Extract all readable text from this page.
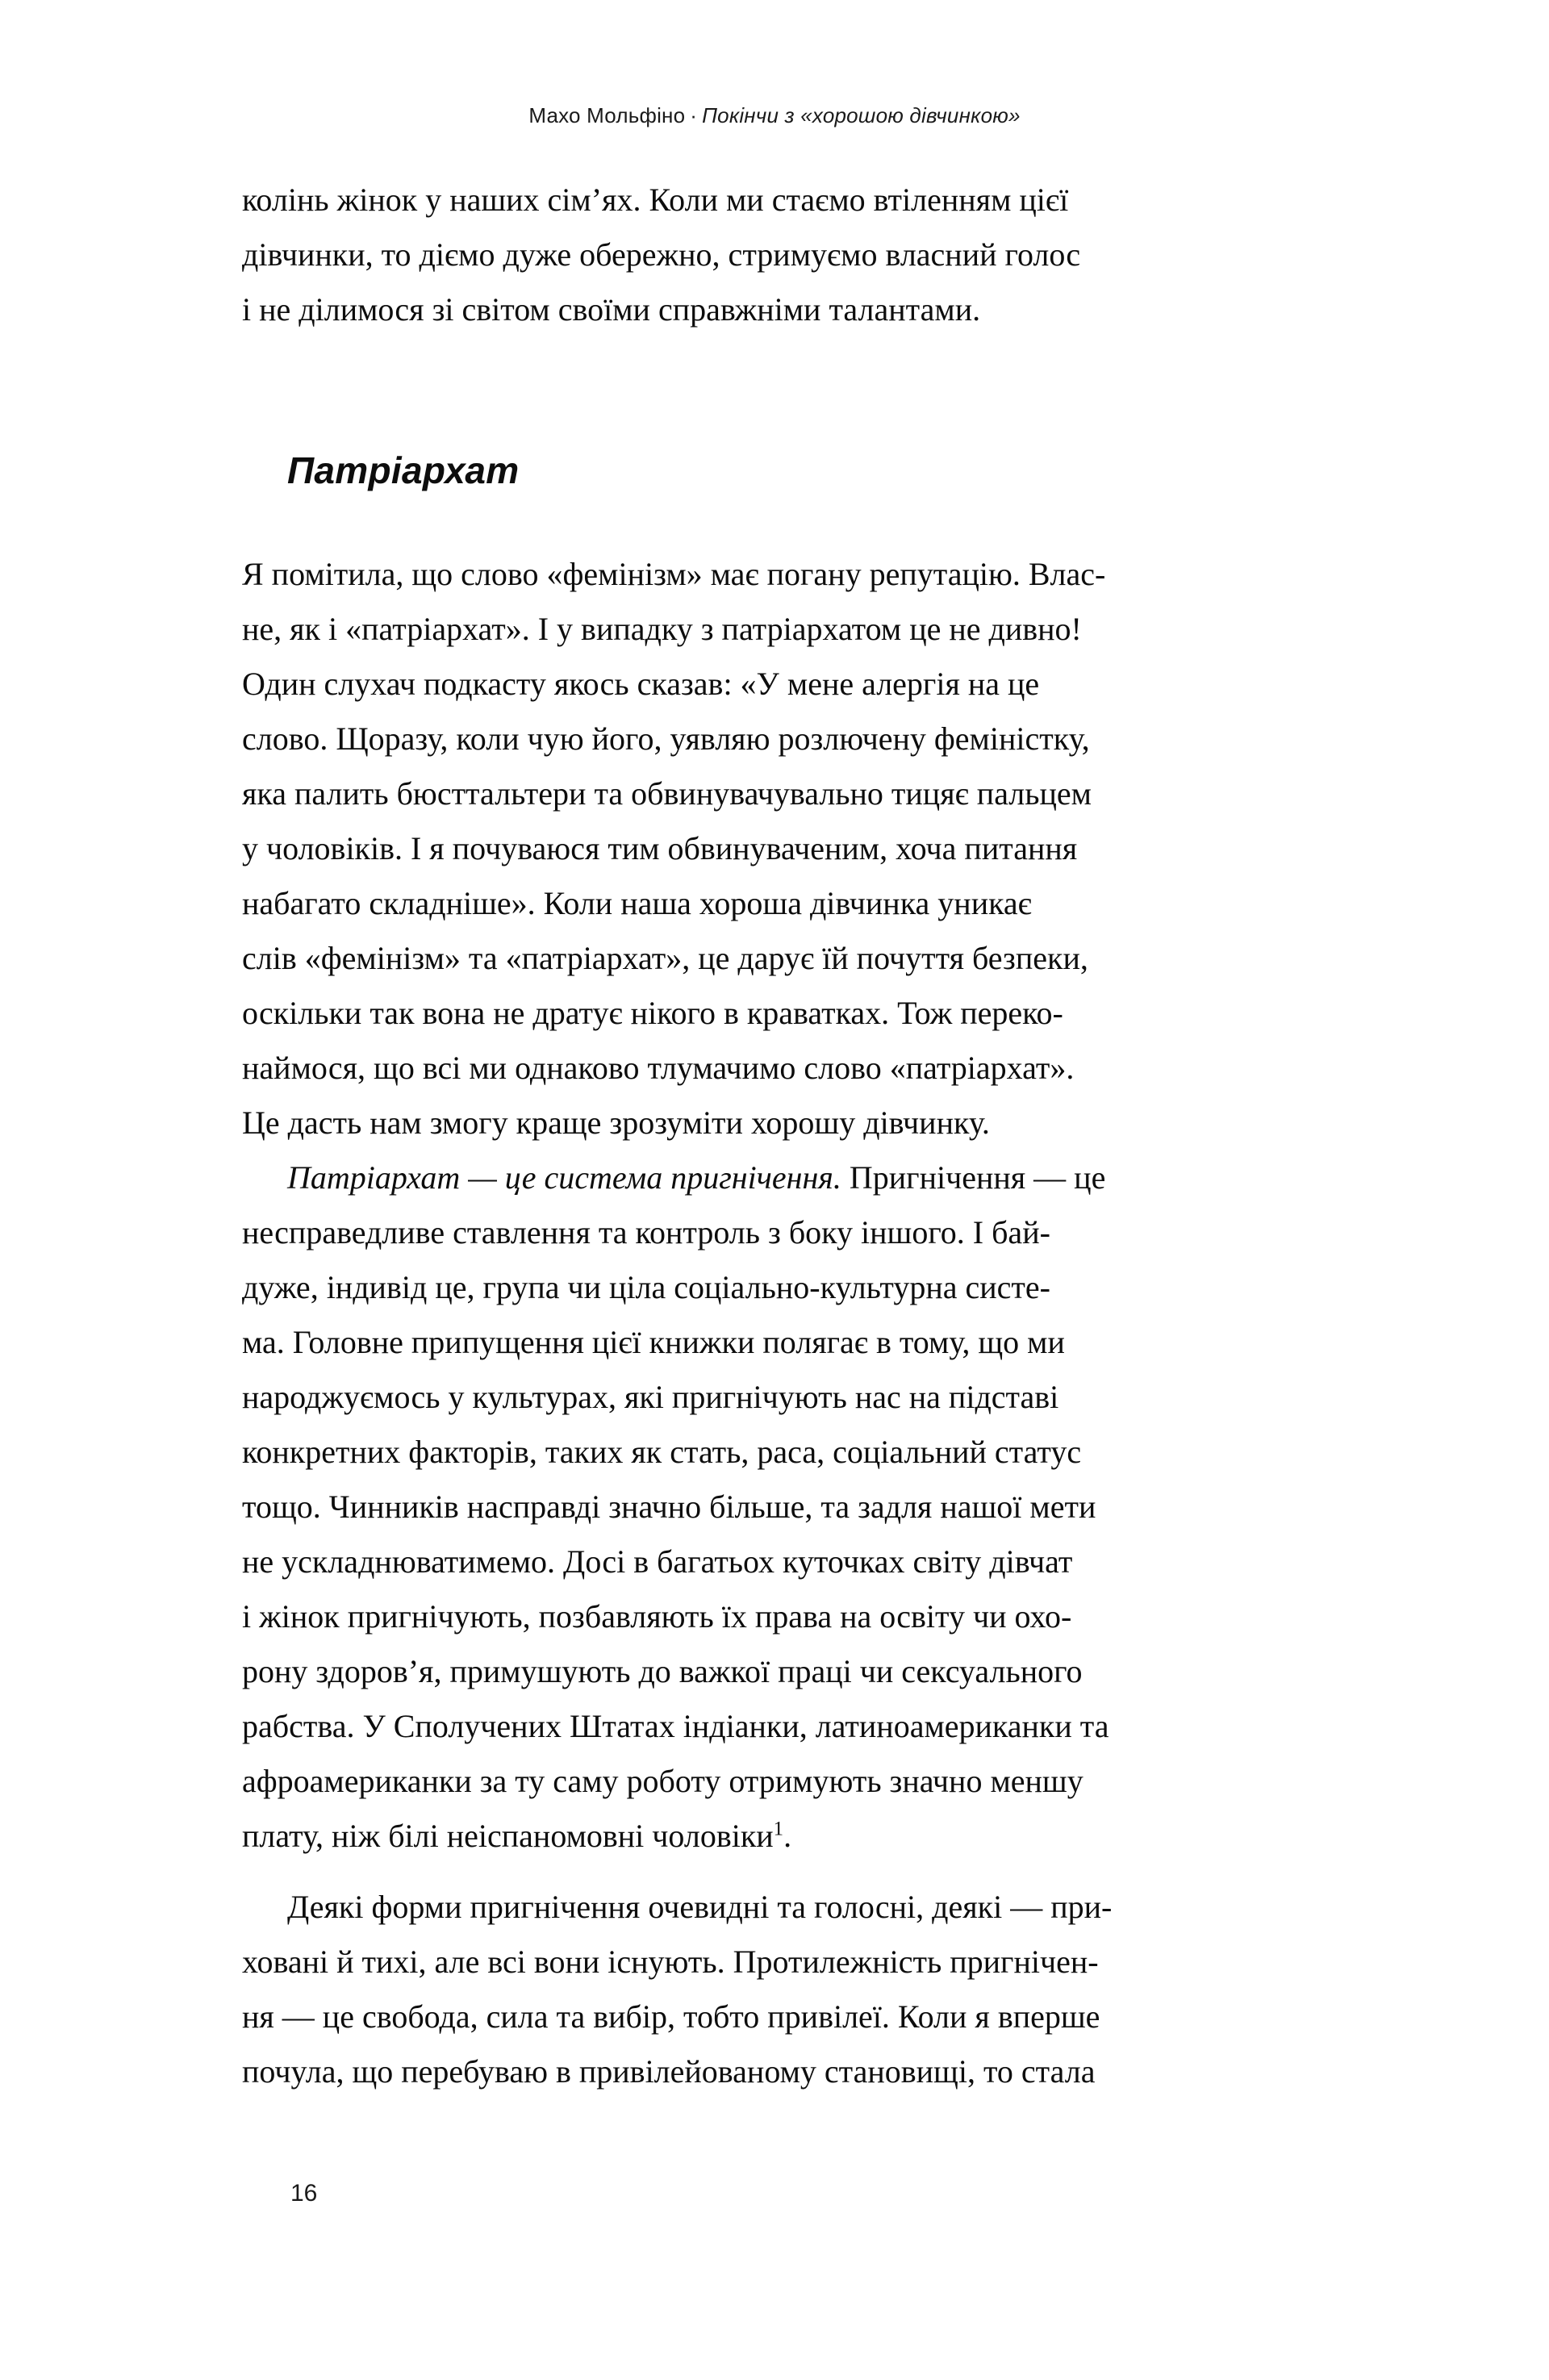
Махо Мольфіно · Покінчи з «хорошою дівчинкою»

колінь жінок у наших сім’ях. Коли ми стаємо втіленням цієї
дівчинки, то діємо дуже обережно, стримуємо власний голос
і не ділимося зі світом своїми справжніми талантами.

Патріархат

Я помітила, що слово «фемінізм» має погану репутацію. Влас-
не, як і «патріархат». І у випадку з патріархатом це не дивно!
Один слухач подкасту якось сказав: «У мене алергія на це
слово. Щоразу, коли чую його, уявляю розлючену феміністку,
яка палить бюсттальтери та обвинувачувально тицяє пальцем
у чоловіків. І я почуваюся тим обвинуваченим, хоча питання
набагато складніше». Коли наша хороша дівчинка уникає
слів «фемінізм» та «патріархат», це дарує їй почуття безпеки,
оскільки так вона не дратує нікого в краватках. Тож переко-
наймося, що всі ми однаково тлумачимо слово «патріархат».
Це дасть нам змогу краще зрозуміти хорошу дівчинку.

Патріархат — це система пригнічення. Пригнічення — це
несправедливе ставлення та контроль з боку іншого. І бай-
дуже, індивід це, група чи ціла соціально-культурна систе-
ма. Головне припущення цієї книжки полягає в тому, що ми
народжуємось у культурах, які пригнічують нас на підставі
конкретних факторів, таких як стать, раса, соціальний статус
тощо. Чинників насправді значно більше, та задля нашої мети
не ускладнюватимемо. Досі в багатьох куточках світу дівчат
і жінок пригнічують, позбавляють їх права на освіту чи охо-
рону здоров’я, примушують до важкої праці чи сексуального
рабства. У Сполучених Штатах індіанки, латиноамериканки та
афроамериканки за ту саму роботу отримують значно меншу
плату, ніж білі неіспаномовні чоловіки$^1$.

Деякі форми пригнічення очевидні та голосні, деякі — при-
ховані й тихі, але всі вони існують. Протилежність пригнічен-
ня — це свобода, сила та вибір, тобто привілеї. Коли я вперше
почула, що перебуваю в привілейованому становищі, то стала

16
